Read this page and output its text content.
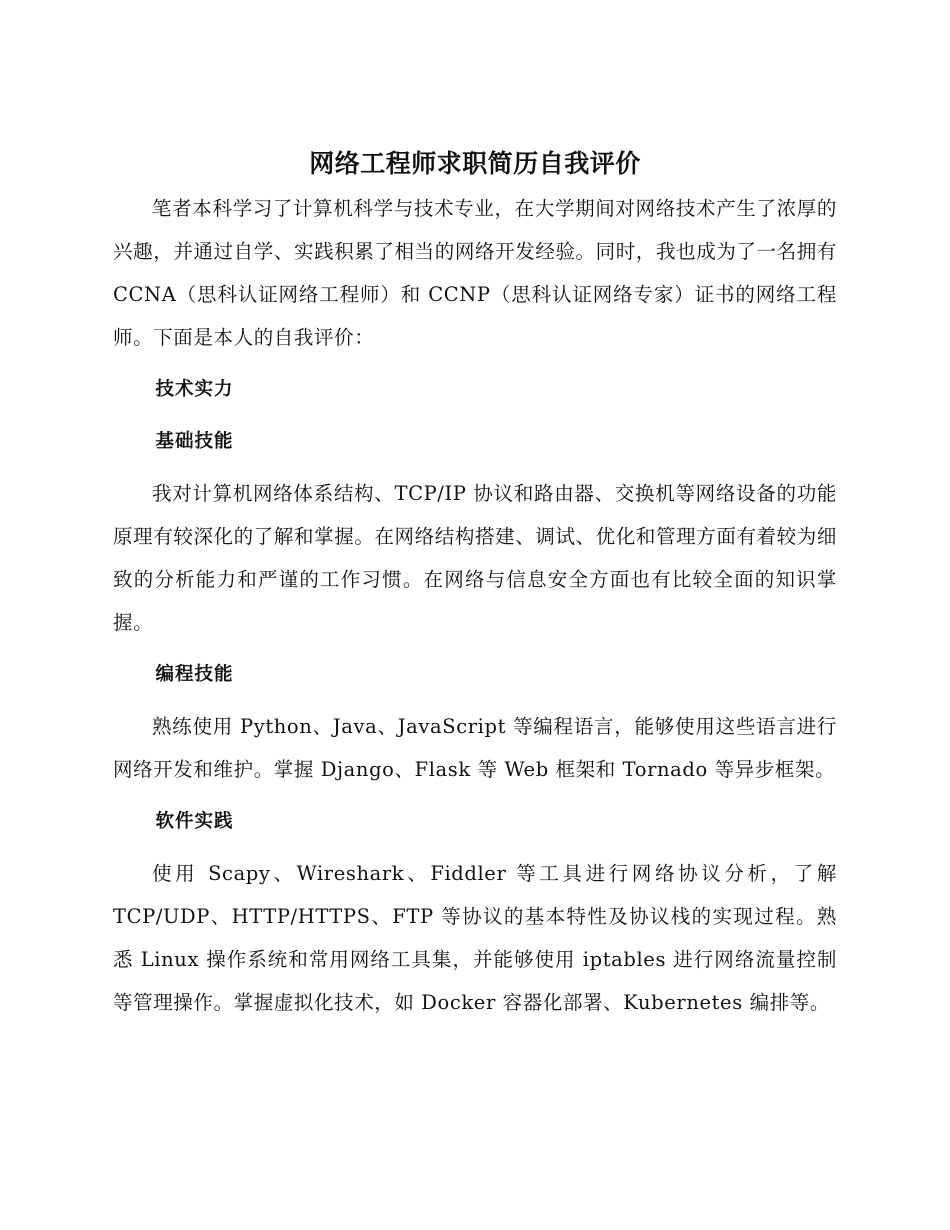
网络工程师求职简历自我评价

笔者本科学习了计算机科学与技术专业，在大学期间对网络技术产生了浓厚的兴趣，并通过自学、实践积累了相当的网络开发经验。同时，我也成为了一名拥有 CCNA（思科认证网络工程师）和 CCNP（思科认证网络专家）证书的网络工程师。下面是本人的自我评价：

技术实力
基础技能

我对计算机网络体系结构、TCP/IP 协议和路由器、交换机等网络设备的功能原理有较深化的了解和掌握。在网络结构搭建、调试、优化和管理方面有着较为细致的分析能力和严谨的工作习惯。在网络与信息安全方面也有比较全面的知识掌握。

编程技能

熟练使用 Python、Java、JavaScript 等编程语言，能够使用这些语言进行网络开发和维护。掌握 Django、Flask 等 Web 框架和 Tornado 等异步框架。

软件实践

使用 Scapy、Wireshark、Fiddler 等工具进行网络协议分析，了解 TCP/UDP、HTTP/HTTPS、FTP 等协议的基本特性及协议栈的实现过程。熟悉 Linux 操作系统和常用网络工具集，并能够使用 iptables 进行网络流量控制等管理操作。掌握虚拟化技术，如 Docker 容器化部署、Kubernetes 编排等。
